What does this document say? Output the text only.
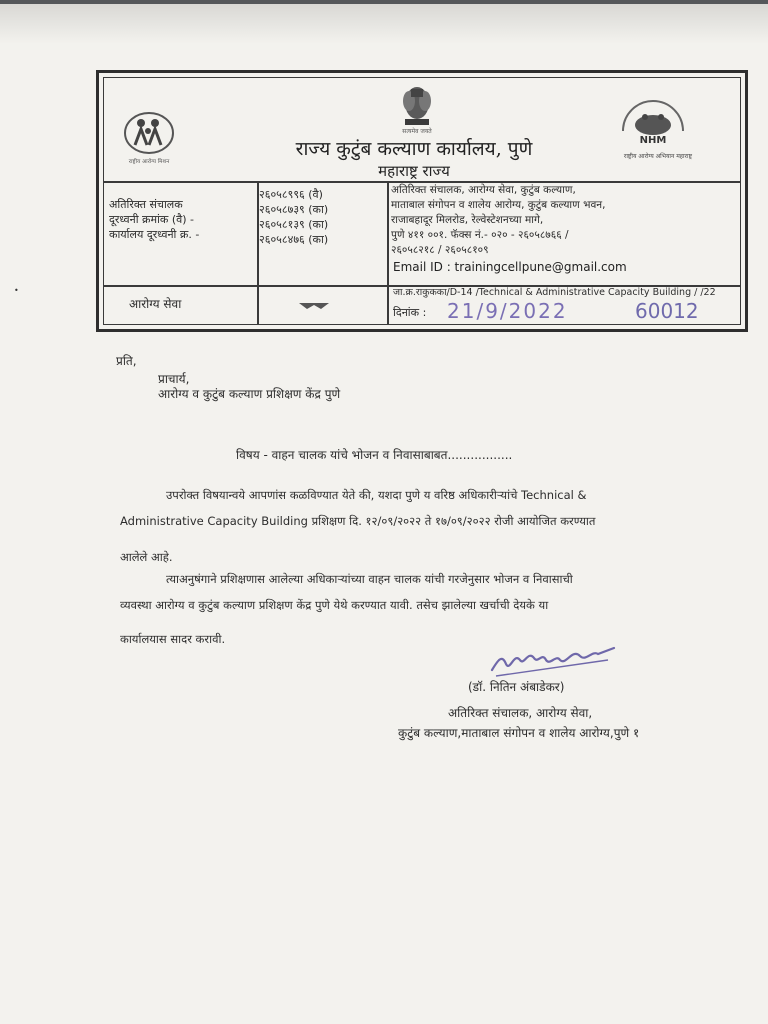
सत्यमेव जयते
राष्ट्रीय आरोग्य मिशन
NHM
राष्ट्रीय आरोग्य अभियान महाराष्ट्र
राज्य कुटुंब कल्याण कार्यालय, पुणे
महाराष्ट्र राज्य
अतिरिक्त संचालक
दूरध्वनी क्रमांक (वै) -
कार्यालय दूरध्वनी क्र. -
२६०५८९९६ (वै)
२६०५८७३९ (का)
२६०५८१३९ (का)
२६०५८४७६ (का)
अतिरिक्त संचालक, आरोग्य सेवा, कुटुंब कल्याण,
माताबाल संगोपन व शालेय आरोग्य, कुटुंब कल्याण भवन,
राजाबहादूर मिलरोड, रेल्वेस्टेशनच्या मागे,
पुणे ४११ ००१. फॅक्स नं.- ०२० - २६०५८७६६ /
२६०५८२१८ / २६०५८१०९
Email ID : trainingcellpune@gmail.com
आरोग्य सेवा
जा.क्र.राकुकका/D-14 /Technical & Administrative Capacity Building / /22
दिनांक : 21/9/2022	60012
•
प्रति,
प्राचार्य,
आरोग्य व कुटुंब कल्याण प्रशिक्षण केंद्र पुणे
विषय - वाहन चालक यांचे भोजन व निवासाबाबत.................
उपरोक्त विषयान्वये आपणांस कळविण्यात येते की, यशदा पुणे य वरिष्ठ अधिकारीऱ्यांचे Technical &
Administrative Capacity Building प्रशिक्षण दि. १२/०९/२०२२ ते १७/०९/२०२२ रोजी आयोजित करण्यात
आलेले आहे.
त्याअनुषंगाने प्रशिक्षणास आलेल्या अधिकाऱ्यांच्या वाहन चालक यांची गरजेनुसार भोजन व निवासाची
व्यवस्था आरोग्य व कुटुंब कल्याण प्रशिक्षण केंद्र पुणे येथे करण्यात यावी. तसेच झालेल्या खर्चाची देयके या
कार्यालयास सादर करावी.
(डॉ. नितिन अंबाडेकर)
अतिरिक्त संचालक, आरोग्य सेवा,
कुटुंब कल्याण,माताबाल संगोपन व शालेय आरोग्य,पुणे १
